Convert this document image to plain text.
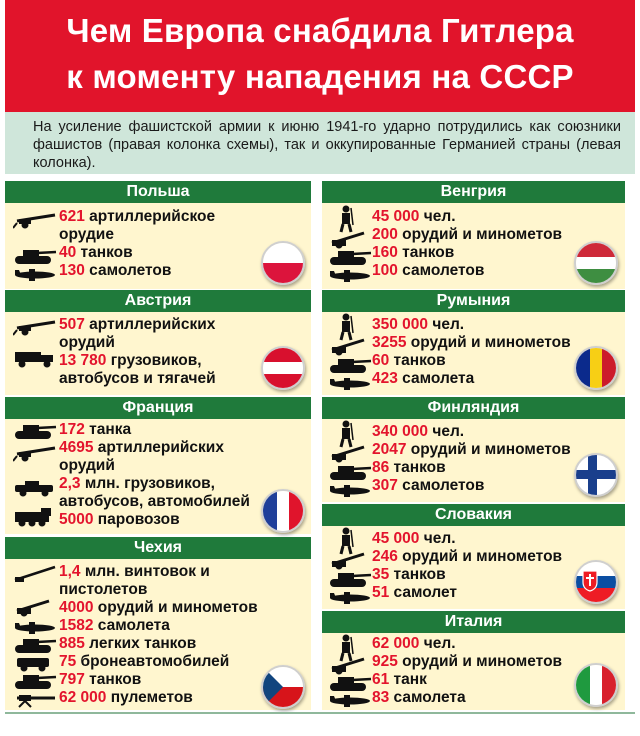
Чем Европа снабдила Гитлера
к моменту нападения на СССР
На усиление фашистской армии к июню 1941-го ударно потрудились как союзники фашистов (правая колонка схемы), так и оккупированные Германией страны (левая колонка).
Польша
621 артиллерийское
орудие
40 танков
130 самолетов
Австрия
507 артиллерийских
орудий
13 780 грузовиков,
автобусов и тягачей
Франция
172 танка
4695 артиллерийских
орудий
2,3 млн. грузовиков,
автобусов, автомобилей
5000 паровозов
Чехия
1,4 млн. винтовок и
пистолетов
4000 орудий и минометов
1582 самолета
885 легких танков
75 бронеавтомобилей
797 танков
62 000 пулеметов
Венгрия
45 000 чел.
200 орудий и минометов
160 танков
100 самолетов
Румыния
350 000 чел.
3255 орудий и минометов
60 танков
423 самолета
Финляндия
340 000 чел.
2047 орудий и минометов
86 танков
307 самолетов
Словакия
45 000 чел.
246 орудий и минометов
35 танков
51 самолет
Италия
62 000 чел.
925 орудий и минометов
61 танк
83 самолета
